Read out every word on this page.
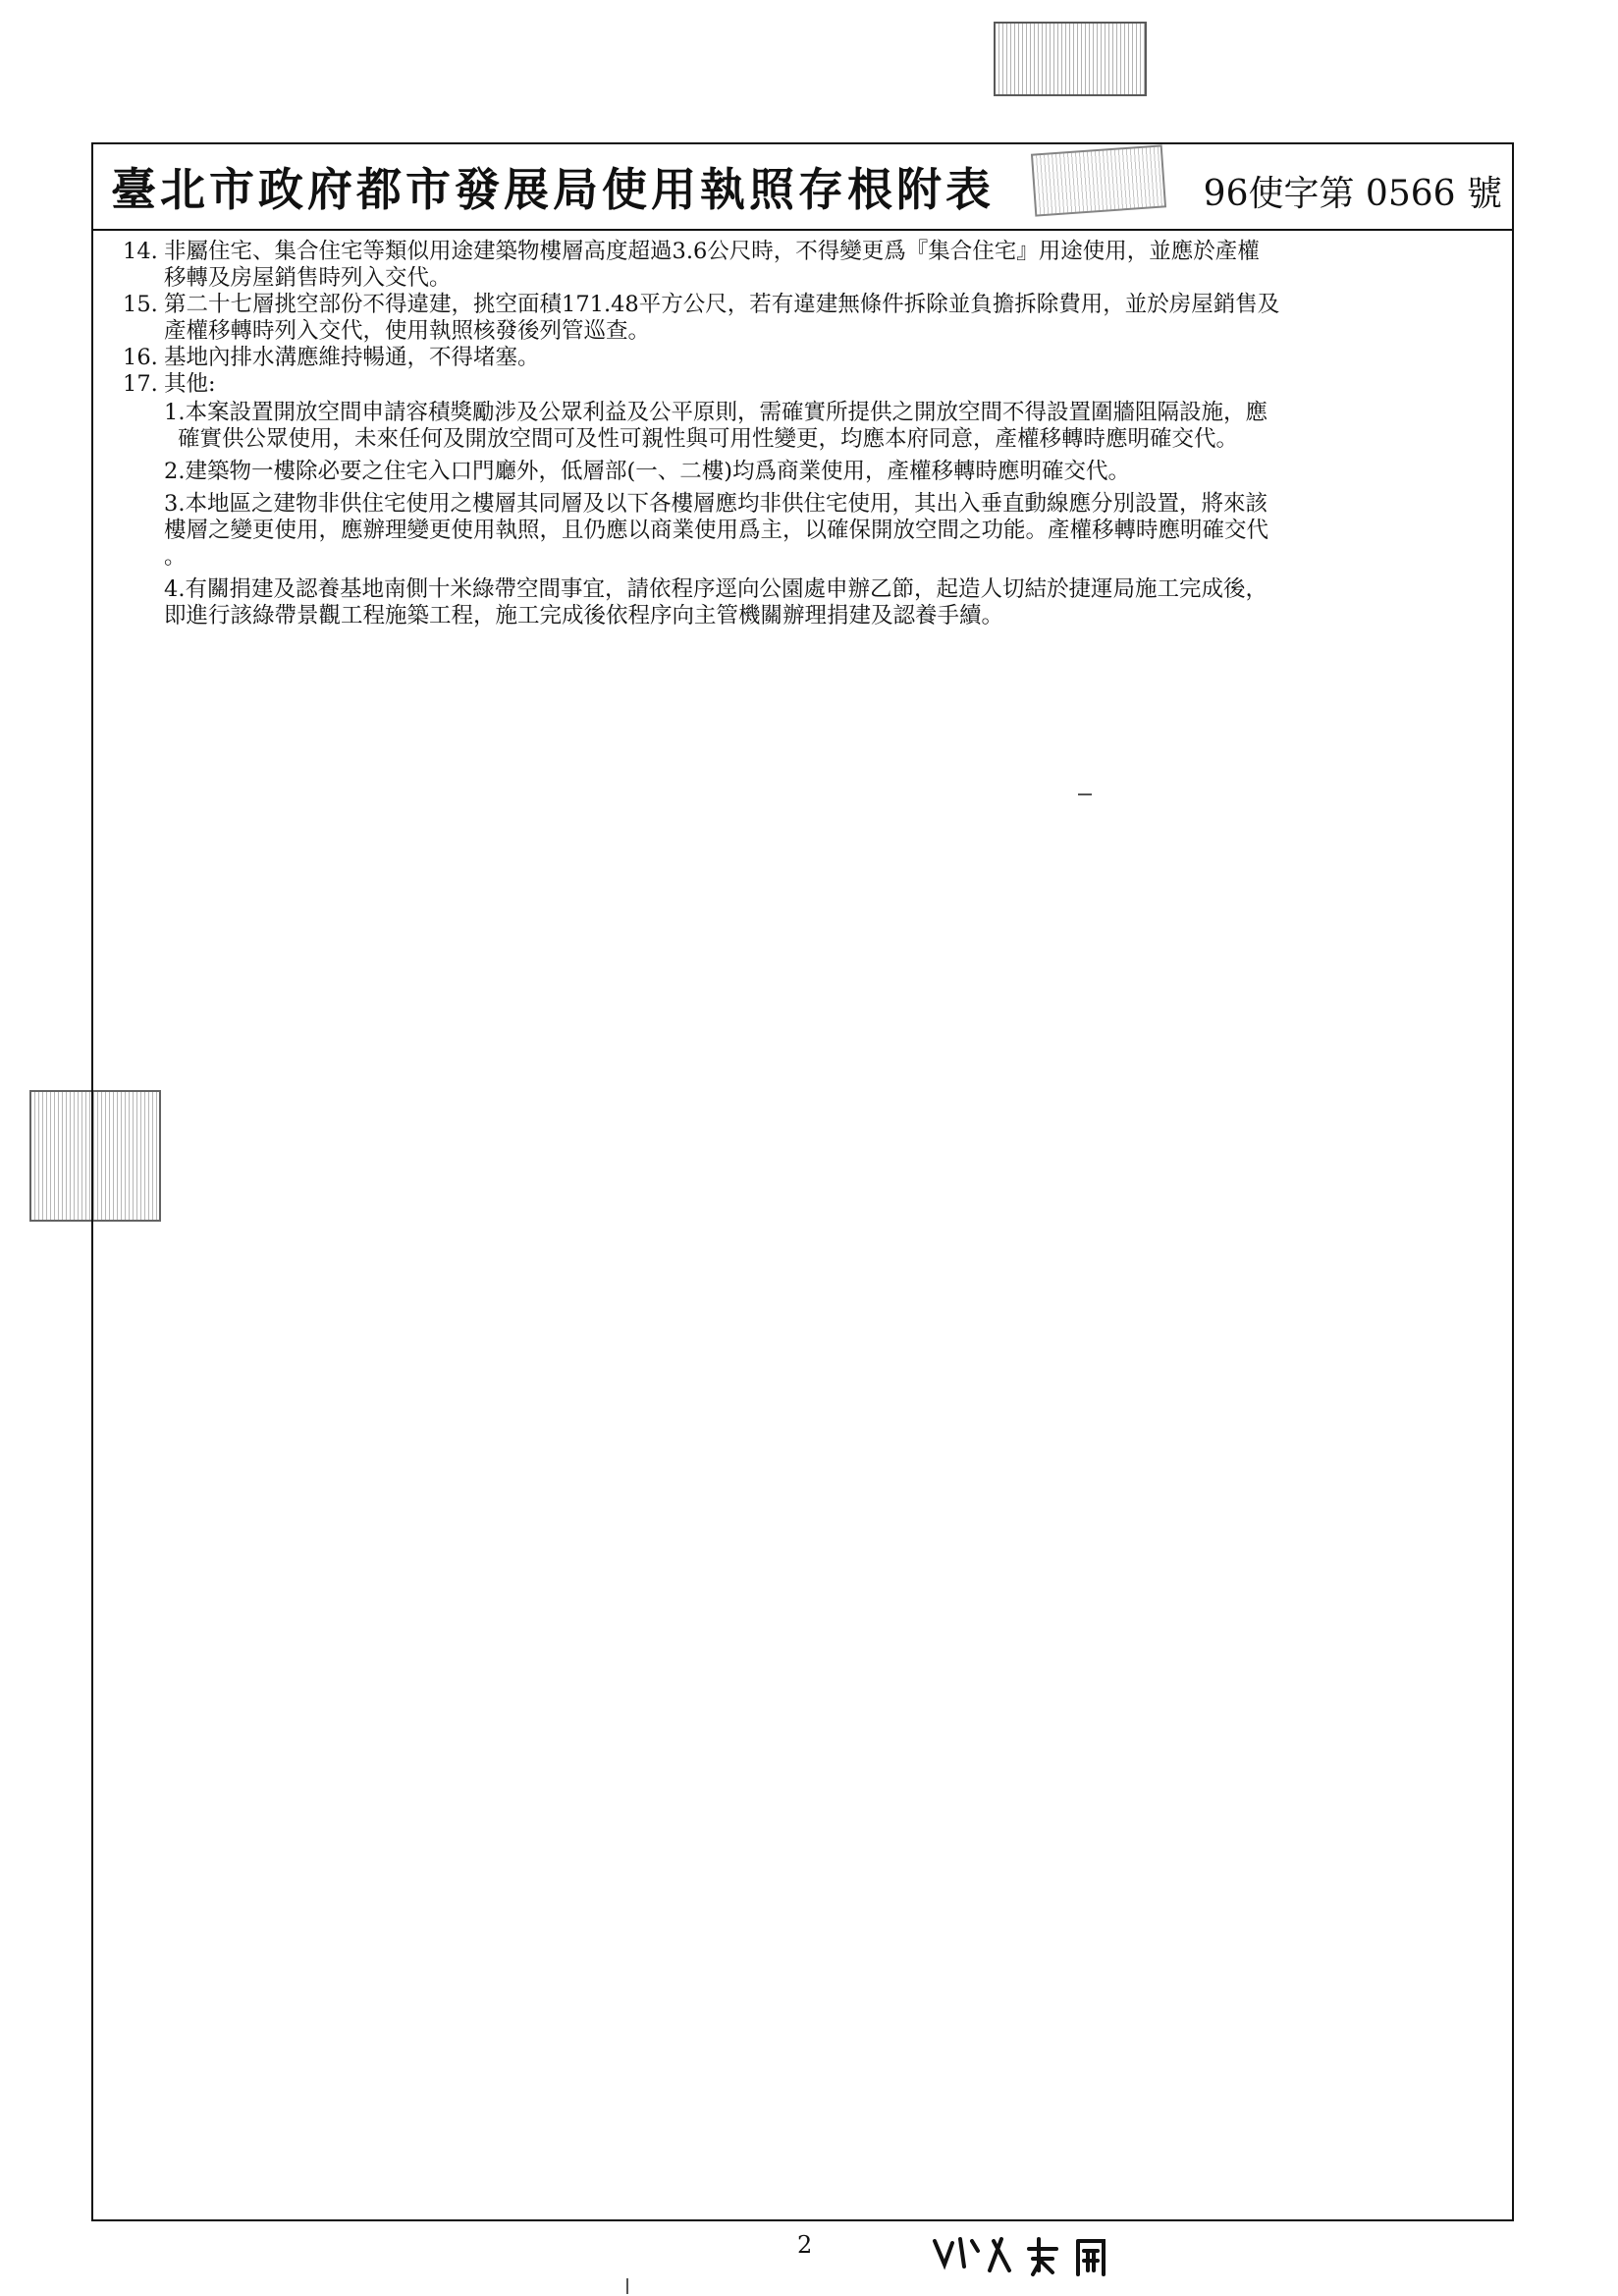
臺北市政府都市發展局使用執照存根附表	96使字第 0566 號
14. 非屬住宅、集合住宅等類似用途建築物樓層高度超過3.6公尺時，不得變更爲『集合住宅』用途使用，並應於產權
移轉及房屋銷售時列入交代。
15. 第二十七層挑空部份不得違建，挑空面積171.48平方公尺，若有違建無條件拆除並負擔拆除費用，並於房屋銷售及
產權移轉時列入交代，使用執照核發後列管巡查。
16. 基地內排水溝應維持暢通，不得堵塞。
17. 其他:
1.本案設置開放空間申請容積獎勵涉及公眾利益及公平原則，需確實所提供之開放空間不得設置圍牆阻隔設施，應
確實供公眾使用，未來任何及開放空間可及性可親性與可用性變更，均應本府同意，產權移轉時應明確交代。
2.建築物一樓除必要之住宅入口門廳外，低層部(一、二樓)均爲商業使用，產權移轉時應明確交代。
3.本地區之建物非供住宅使用之樓層其同層及以下各樓層應均非供住宅使用，其出入垂直動線應分別設置，將來該
樓層之變更使用，應辦理變更使用執照，且仍應以商業使用爲主，以確保開放空間之功能。產權移轉時應明確交代
。
4.有關捐建及認養基地南側十米綠帶空間事宜，請依程序逕向公園處申辦乙節，起造人切結於捷運局施工完成後，
即進行該綠帶景觀工程施築工程，施工完成後依程序向主管機關辦理捐建及認養手續。
2
